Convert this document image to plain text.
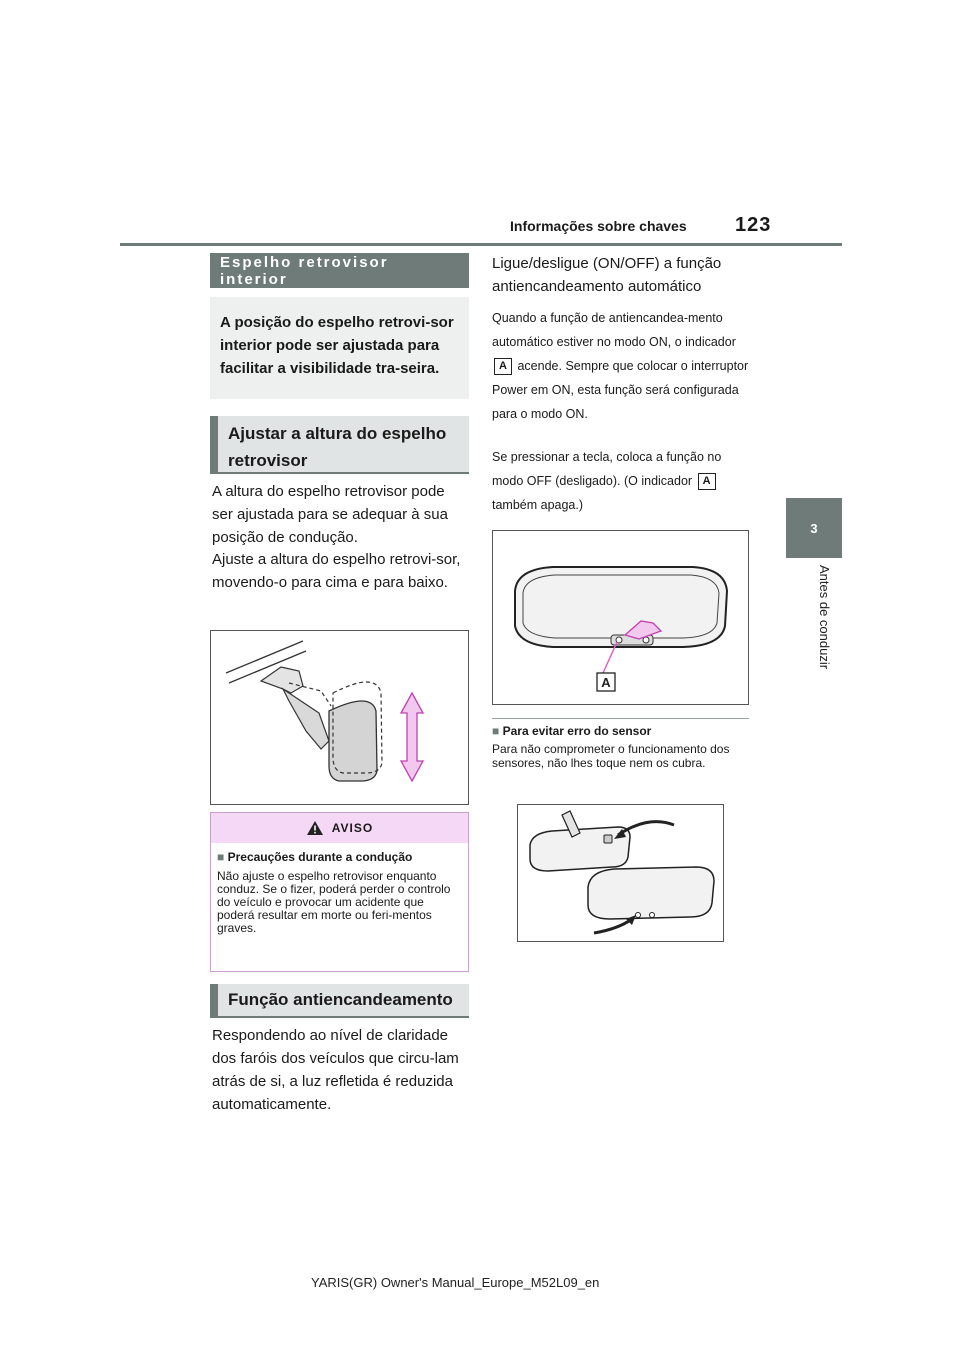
Informações sobre chaves 123
3
Antes de conduzir
Espelho retrovisor interior
A posição do espelho retrovi-sor interior pode ser ajustada para facilitar a visibilidade tra-seira.
Ajustar a altura do espelho retrovisor
A altura do espelho retrovisor pode ser ajustada para se adequar à sua posição de condução.
Ajuste a altura do espelho retrovi-sor, movendo-o para cima e para baixo.
AVISO
■ Precauções durante a condução
Não ajuste o espelho retrovisor enquanto conduz. Se o fizer, poderá perder o controlo do veículo e provocar um acidente que poderá resultar em morte ou feri-mentos graves.
Função antiencandeamento
Respondendo ao nível de claridade dos faróis dos veículos que circu-lam atrás de si, a luz refletida é reduzida automaticamente.
Ligue/desligue (ON/OFF) a função antiencandeamento automático
Quando a função de antiencandea-mento automático estiver no modo ON, o indicador A acende. Sempre que colocar o interruptor Power em ON, esta função será configurada para o modo ON.
Se pressionar a tecla, coloca a função no modo OFF (desligado). (O indicador A também apaga.)
A
■ Para evitar erro do sensor
Para não comprometer o funcionamento dos sensores, não lhes toque nem os cubra.
YARIS(GR) Owner's Manual_Europe_M52L09_en
